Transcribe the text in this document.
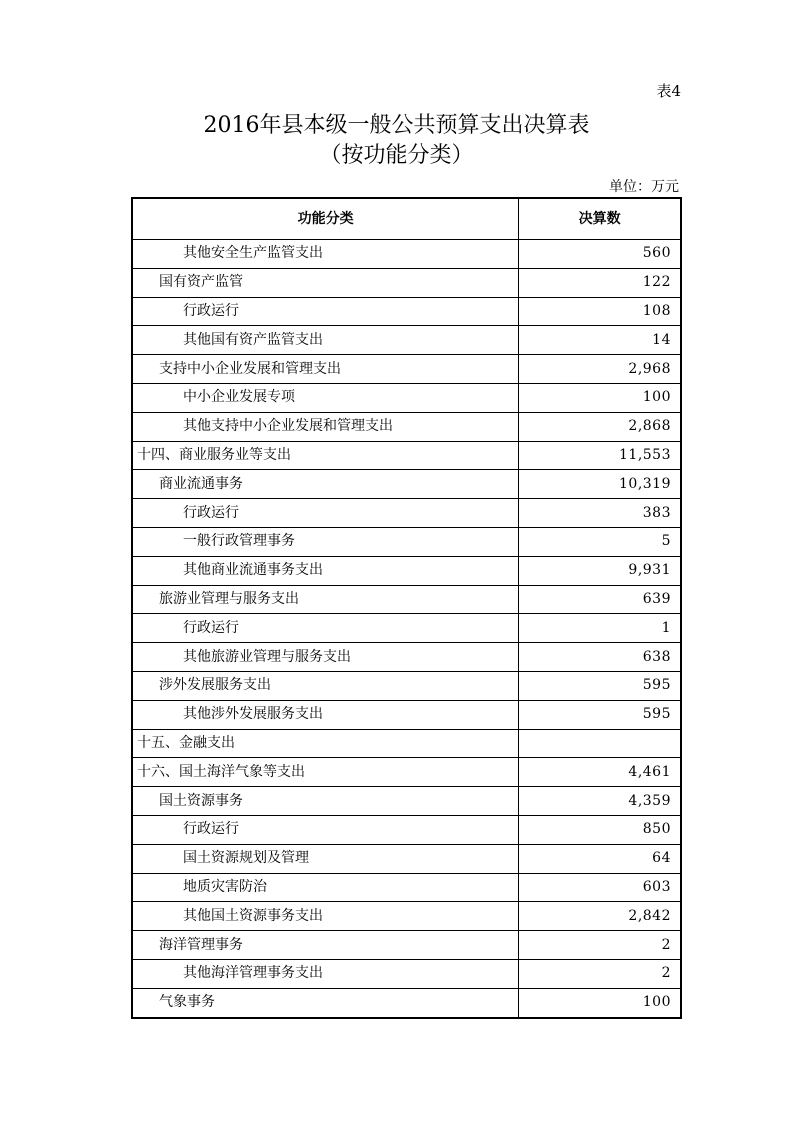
表4
2016年县本级一般公共预算支出决算表
（按功能分类）
单位：万元
功能分类	决算数
其他安全生产监管支出	560
国有资产监管	122
行政运行	108
其他国有资产监管支出	14
支持中小企业发展和管理支出	2,968
中小企业发展专项	100
其他支持中小企业发展和管理支出	2,868
十四、商业服务业等支出	11,553
商业流通事务	10,319
行政运行	383
一般行政管理事务	5
其他商业流通事务支出	9,931
旅游业管理与服务支出	639
行政运行	1
其他旅游业管理与服务支出	638
涉外发展服务支出	595
其他涉外发展服务支出	595
十五、金融支出	
十六、国土海洋气象等支出	4,461
国土资源事务	4,359
行政运行	850
国土资源规划及管理	64
地质灾害防治	603
其他国土资源事务支出	2,842
海洋管理事务	2
其他海洋管理事务支出	2
气象事务	100
